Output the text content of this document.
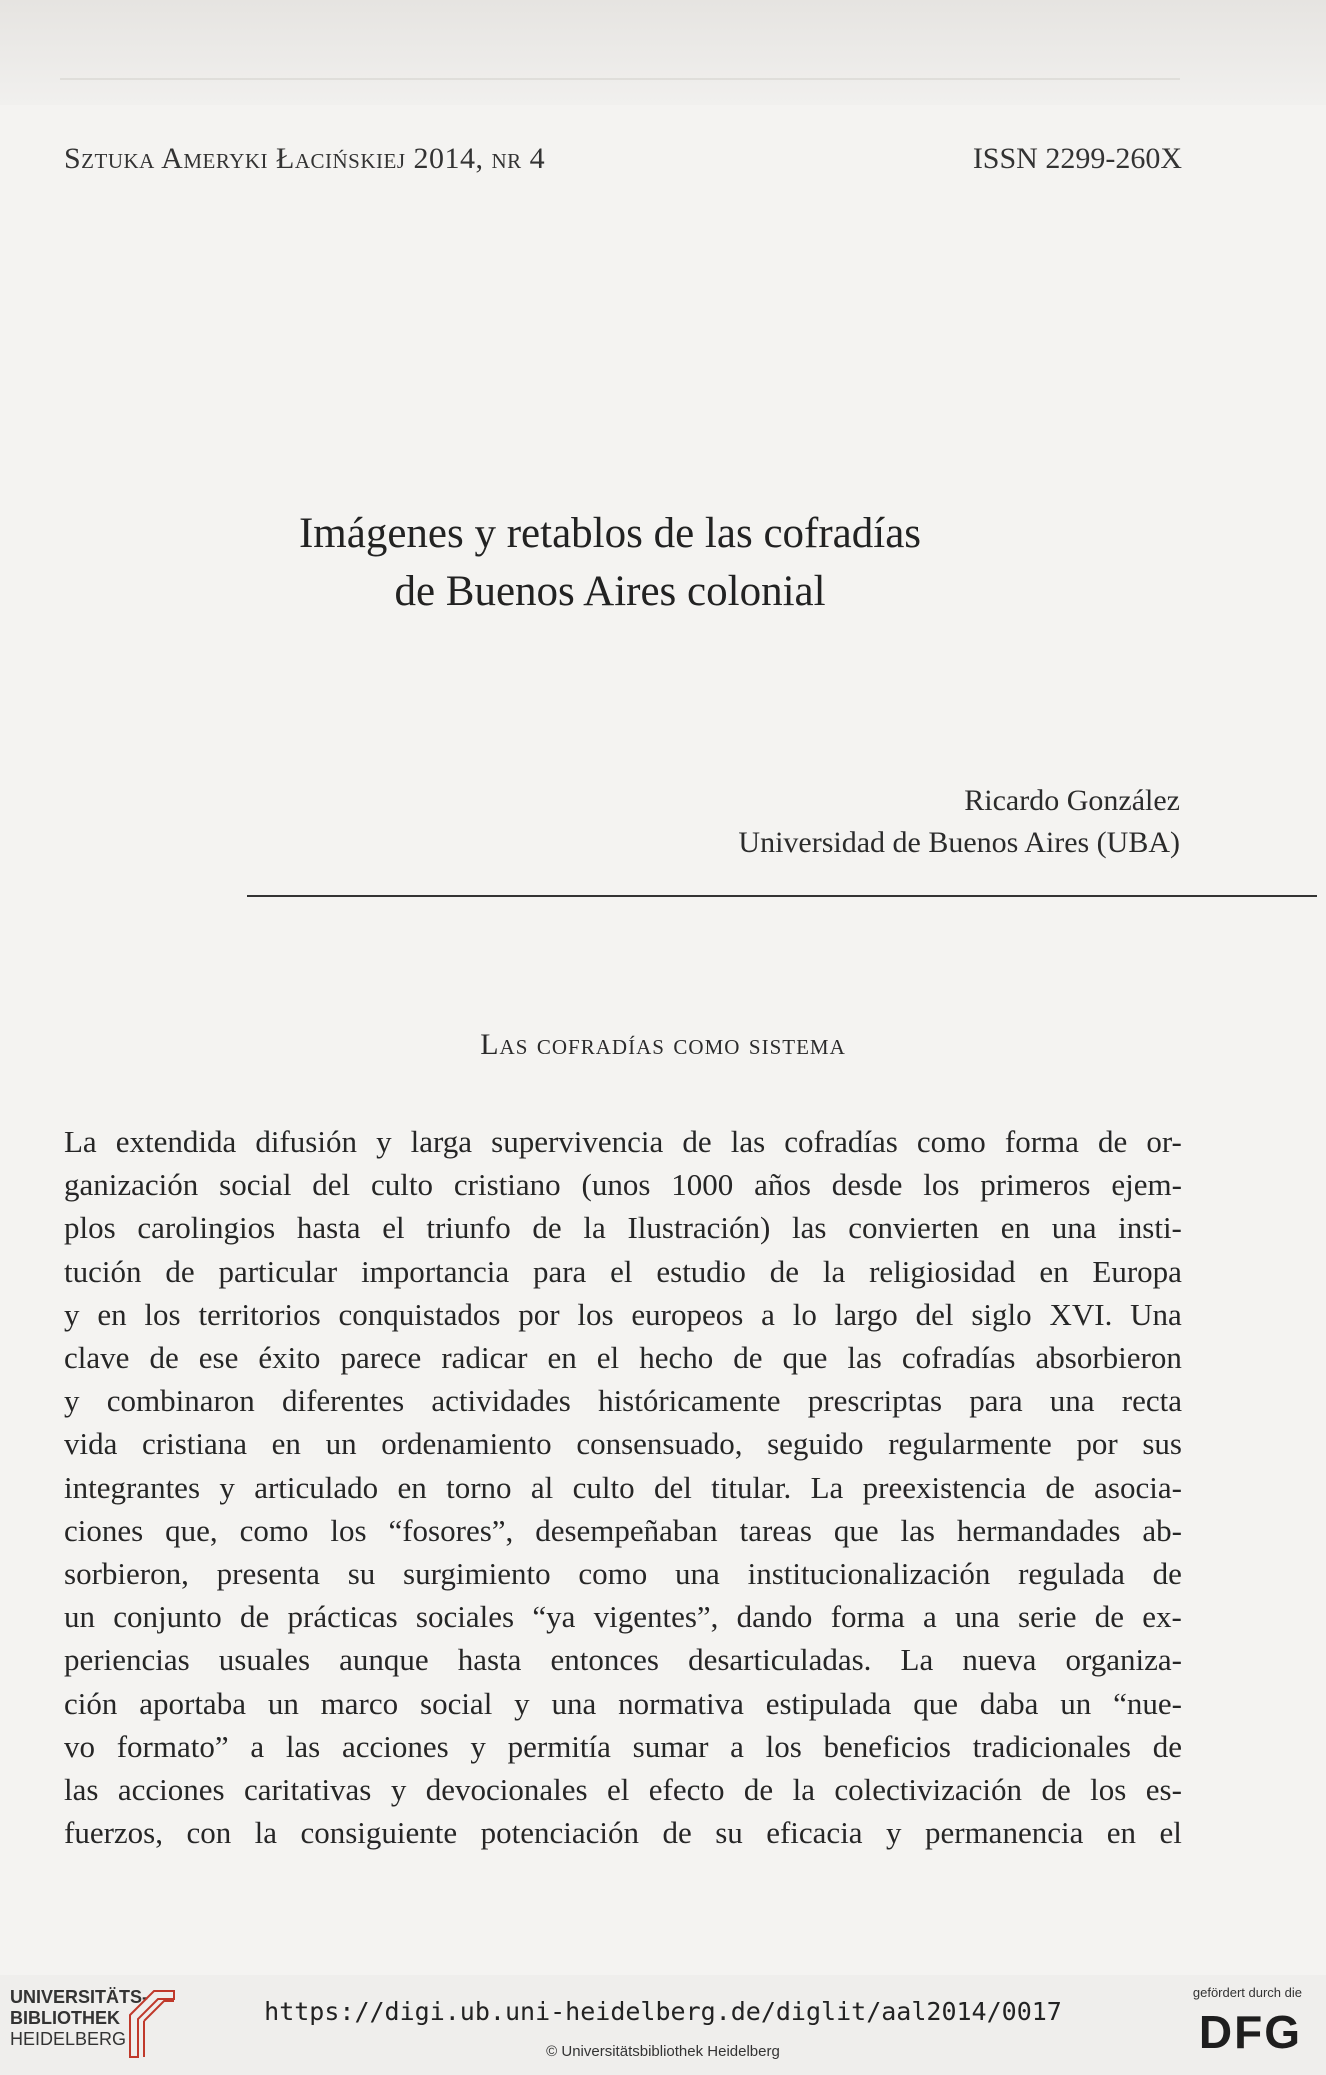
Sztuka Ameryki Łacińskiej 2014, nr 4	ISSN 2299-260X
Imágenes y retablos de las cofradías
de Buenos Aires colonial
Ricardo González
Universidad de Buenos Aires (UBA)
Las cofradías como sistema
La extendida difusión y larga supervivencia de las cofradías como forma de or-
ganización social del culto cristiano (unos 1000 años desde los primeros ejem-
plos carolingios hasta el triunfo de la Ilustración) las convierten en una insti-
tución de particular importancia para el estudio de la religiosidad en Europa
y en los territorios conquistados por los europeos a lo largo del siglo XVI. Una
clave de ese éxito parece radicar en el hecho de que las cofradías absorbieron
y combinaron diferentes actividades históricamente prescriptas para una recta
vida cristiana en un ordenamiento consensuado, seguido regularmente por sus
integrantes y articulado en torno al culto del titular. La preexistencia de asocia-
ciones que, como los “fosores”, desempeñaban tareas que las hermandades ab-
sorbieron, presenta su surgimiento como una institucionalización regulada de
un conjunto de prácticas sociales “ya vigentes”, dando forma a una serie de ex-
periencias usuales aunque hasta entonces desarticuladas. La nueva organiza-
ción aportaba un marco social y una normativa estipulada que daba un “nue-
vo formato” a las acciones y permitía sumar a los beneficios tradicionales de
las acciones caritativas y devocionales el efecto de la colectivización de los es-
fuerzos, con la consiguiente potenciación de su eficacia y permanencia en el
UNIVERSITÄTS-
BIBLIOTHEK
HEIDELBERG
https://digi.ub.uni-heidelberg.de/diglit/aal2014/0017
© Universitätsbibliothek Heidelberg
gefördert durch die
DFG
